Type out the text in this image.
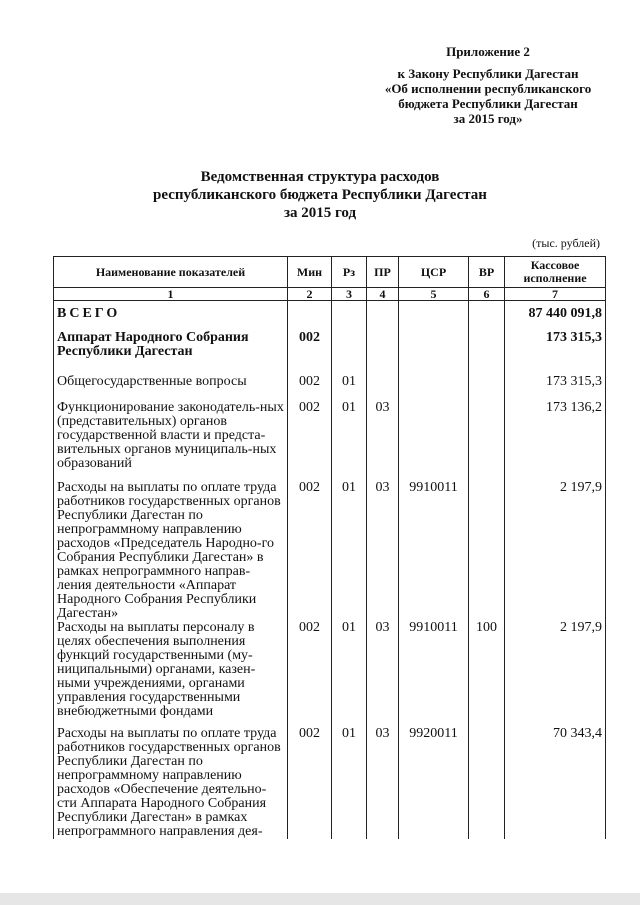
Приложение 2
к Закону Республики Дагестан
«Об исполнении республиканского
бюджета Республики Дагестан
за 2015 год»
Ведомственная структура расходов
республиканского бюджета Республики Дагестан
за 2015 год
(тыс. рублей)
Наименование показателей	Мин	Рз	ПР	ЦСР	ВР	Кассовое исполнение
1	2	3	4	5	6	7
ВСЕГО						87 440 091,8
Аппарат Народного Собрания Республики Дагестан	002					173 315,3
Общегосударственные вопросы	002	01				173 315,3
Функционирование законодатель-ных (представительных) органов государственной власти и предста-вительных органов муниципаль-ных образований	002	01	03			173 136,2
Расходы на выплаты по оплате труда работников государственных органов Республики Дагестан по непрограммному направлению расходов «Председатель Народно-го Собрания Республики Дагестан» в рамках непрограммного направ-ления деятельности «Аппарат Народного Собрания Республики Дагестан»	002	01	03	9910011		2 197,9
Расходы на выплаты персоналу в целях обеспечения выполнения функций государственными (му-ниципальными) органами, казен-ными учреждениями, органами управления государственными внебюджетными фондами	002	01	03	9910011	100	2 197,9
Расходы на выплаты по оплате труда работников государственных органов Республики Дагестан по непрограммному направлению расходов «Обеспечение деятельно-сти Аппарата Народного Собрания Республики Дагестан» в рамках непрограммного направления дея-	002	01	03	9920011		70 343,4
